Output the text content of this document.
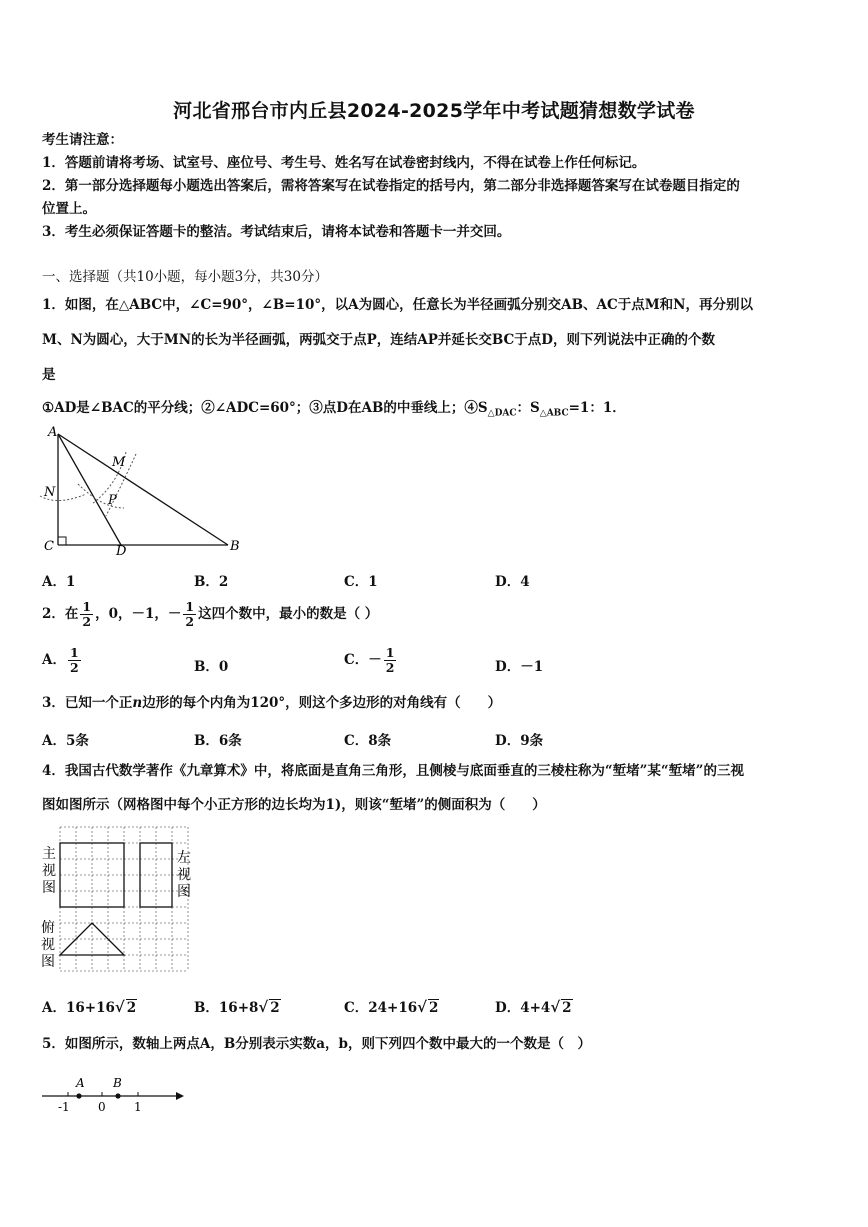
河北省邢台市内丘县2024-2025学年中考试题猜想数学试卷
考生请注意：
1．答题前请将考场、试室号、座位号、考生号、姓名写在试卷密封线内，不得在试卷上作任何标记。
2．第一部分选择题每小题选出答案后，需将答案写在试卷指定的括号内，第二部分非选择题答案写在试卷题目指定的
位置上。
3．考生必须保证答题卡的整洁。考试结束后，请将本试卷和答题卡一并交回。
一、选择题（共10小题，每小题3分，共30分）
1．如图，在△ABC中，∠C=90°，∠B=10°，以A为圆心，任意长为半径画弧分别交AB、AC于点M和N，再分别以
M、N为圆心，大于MN的长为半径画弧，两弧交于点P，连结AP并延长交BC于点D，则下列说法中正确的个数
是
①AD是∠BAC的平分线；②∠ADC=60°；③点D在AB的中垂线上；$④S_{\triangle DAC}$：$S_{\triangle ABC}=1$：1．
A
M
N
P
C	D	B
A．1	B．2	C．1	D．4
2．在 $\frac{1}{2}$ ，0，－1，－ $\frac{1}{2}$ 这四个数中，最小的数是（ ）
A． $\frac{1}{2}$	B．0	C．－ $\frac{1}{2}$	D．－1
3．已知一个正n边形的每个内角为120°，则这个多边形的对角线有（　　）
A．5条	B．6条	C．8条	D．9条
4．我国古代数学著作《九章算术》中，将底面是直角三角形，且侧棱与底面垂直的三棱柱称为“堑堵”某“堑堵”的三视
图如图所示（网格图中每个小正方形的边长均为1)，则该“堑堵”的侧面积为（　　）
主
视
图
左
视
图
俯
视
图
A．16+16√ 2	B．16+8√ 2	C．24+16√ 2	D．4+4√ 2
5．如图所示，数轴上两点A，B分别表示实数a，b，则下列四个数中最大的一个数是（　）
A B
-1 0 1
